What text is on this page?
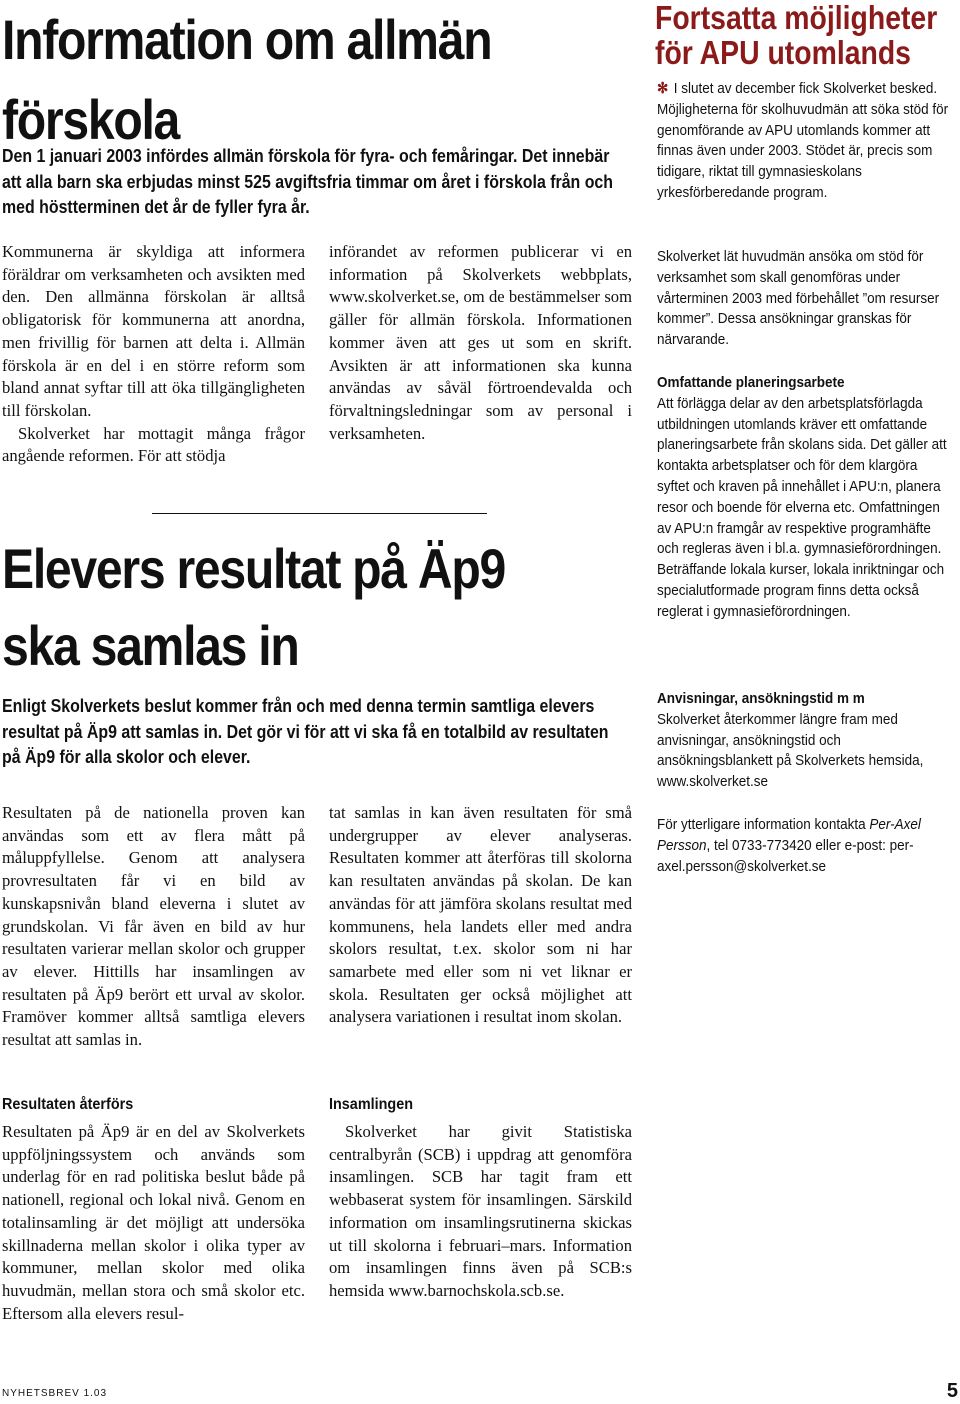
Information om allmän förskola
Den 1 januari 2003 infördes allmän förskola för fyra- och femåringar. Det innebär att alla barn ska erbjudas minst 525 avgiftsfria timmar om året i förskola från och med höstterminen det år de fyller fyra år.

Kommunerna är skyldiga att informera föräldrar om verksamheten och avsikten med den. Den allmänna förskolan är alltså obligatorisk för kommunerna att anordna, men frivillig för barnen att delta i. Allmän förskola är en del i en större reform som bland annat syftar till att öka tillgängligheten till förskolan.

Skolverket har mottagit många frågor angående reformen. För att stödja

införandet av reformen publicerar vi en information på Skolverkets webbplats, www.skolverket.se, om de bestämmelser som gäller för allmän förskola. Informationen kommer även att ges ut som en skrift. Avsikten är att informationen ska kunna användas av såväl förtroendevalda och förvaltningsledningar som av personal i verksamheten.

Elevers resultat på Äp9 ska samlas in
Enligt Skolverkets beslut kommer från och med denna termin samtliga elevers resultat på Äp9 att samlas in. Det gör vi för att vi ska få en totalbild av resultaten på Äp9 för alla skolor och elever.

Resultaten på de nationella proven kan användas som ett av flera mått på måluppfyllelse. Genom att analysera provresultaten får vi en bild av kunskapsnivån bland eleverna i slutet av grundskolan. Vi får även en bild av hur resultaten varierar mellan skolor och grupper av elever. Hittills har insamlingen av resultaten på Äp9 berört ett urval av skolor. Framöver kommer alltså samtliga elevers resultat att samlas in.

tat samlas in kan även resultaten för små undergrupper av elever analyseras. Resultaten kommer att återföras till skolorna kan resultaten användas på skolan. De kan användas för att jämföra skolans resultat med kommunens, hela landets eller med andra skolors resultat, t.ex. skolor som ni har samarbete med eller som ni vet liknar er skola. Resultaten ger också möjlighet att analysera variationen i resultat inom skolan.

Resultaten återförs

Resultaten på Äp9 är en del av Skolverkets uppföljningssystem och används som underlag för en rad politiska beslut både på nationell, regional och lokal nivå. Genom en totalinsamling är det möjligt att undersöka skillnaderna mellan skolor i olika typer av kommuner, mellan skolor med olika huvudmän, mellan stora och små skolor etc. Eftersom alla elevers resul-

Insamlingen

Skolverket har givit Statistiska centralbyrån (SCB) i uppdrag att genomföra insamlingen. SCB har tagit fram ett webbaserat system för insamlingen. Särskild information om insamlingsrutinerna skickas ut till skolorna i februari–mars. Information om insamlingen finns även på SCB:s hemsida www.barnochskola.scb.se.

Fortsatta möjligheter för APU utomlands

✻ I slutet av december fick Skolverket besked. Möjligheterna för skolhuvudmän att söka stöd för genomförande av APU utomlands kommer att finnas även under 2003. Stödet är, precis som tidigare, riktat till gymnasieskolans yrkesförberedande program.

Skolverket lät huvudmän ansöka om stöd för verksamhet som skall genomföras under vårterminen 2003 med förbehållet ”om resurser kommer”. Dessa ansökningar granskas för närvarande.

Omfattande planeringsarbete

Att förlägga delar av den arbetsplatsförlagda utbildningen utomlands kräver ett omfattande planeringsarbete från skolans sida. Det gäller att kontakta arbetsplatser och för dem klargöra syftet och kraven på innehållet i APU:n, planera resor och boende för elverna etc. Omfattningen av APU:n framgår av respektive programhäfte och regleras även i bl.a. gymnasieförordningen. Beträffande lokala kurser, lokala inriktningar och specialutformade program finns detta också reglerat i gymnasieförordningen.

Anvisningar, ansökningstid m m

Skolverket återkommer längre fram med anvisningar, ansökningstid och ansökningsblankett på Skolverkets hemsida,

www.skolverket.se

För ytterligare information kontakta Per-Axel Persson, tel 0733-773420 eller e-post: per-axel.persson@skolverket.se

NYHETSBREV 1.03	5
